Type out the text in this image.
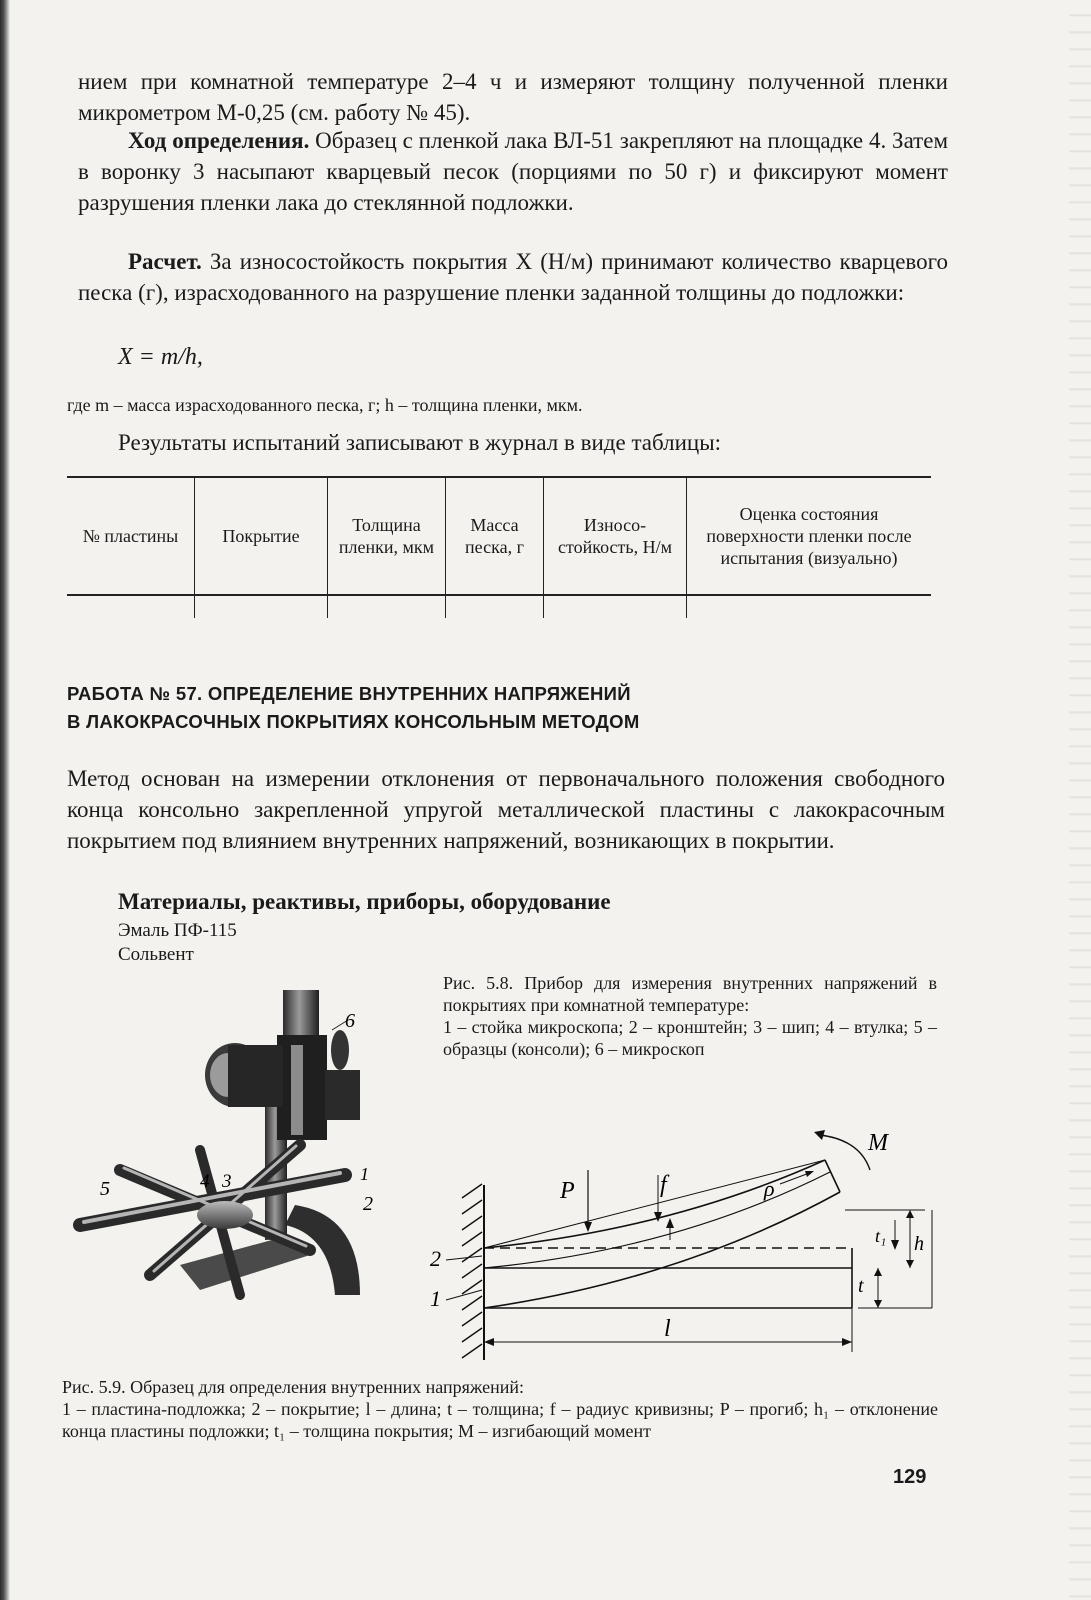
нием при комнатной температуре 2–4 ч и измеряют толщину полученной пленки микрометром М-0,25 (см. работу № 45).

Ход определения. Образец с пленкой лака ВЛ-51 закрепляют на площадке 4. Затем в воронку 3 насыпают кварцевый песок (порциями по 50 г) и фиксируют момент разрушения пленки лака до стеклянной подложки.

Расчет. За износостойкость покрытия X (Н/м) принимают количество кварцевого песка (г), израсходованного на разрушение пленки заданной толщины до подложки:

X = m/h,
где m – масса израсходованного песка, г; h – толщина пленки, мкм.
Результаты испытаний записывают в журнал в виде таблицы:
№ пластины	Покрытие	Толщина пленки, мкм	Масса песка, г	Износо-стойкость, Н/м	Оценка состояния поверхности пленки после испытания (визуально)

РАБОТА № 57. ОПРЕДЕЛЕНИЕ ВНУТРЕННИХ НАПРЯЖЕНИЙ
В ЛАКОКРАСОЧНЫХ ПОКРЫТИЯХ КОНСОЛЬНЫМ МЕТОДОМ

Метод основан на измерении отклонения от первоначального положения свободного конца консольно закрепленной упругой металлической пластины с лакокрасочным покрытием под влиянием внутренних напряжений, возникающих в покрытии.

Материалы, реактивы, приборы, оборудование
Эмаль ПФ-115
Сольвент
6
5	4 3	1
2

Рис. 5.8. Прибор для измерения внутренних напряжений в покрытиях при комнатной температуре:

1 – стойка микроскопа; 2 – кронштейн; 3 – шип; 4 – втулка; 5 – образцы (консоли); 6 – микроскоп

P	f	ρ
M
2
1
t₁ h
t
l

Рис. 5.9. Образец для определения внутренних напряжений:

1 – пластина-подложка; 2 – покрытие; l – длина; t – толщина; f – радиус кривизны; P – прогиб; h₁ – отклонение конца пластины подложки; t₁ – толщина покрытия; M – изгибающий момент

129
